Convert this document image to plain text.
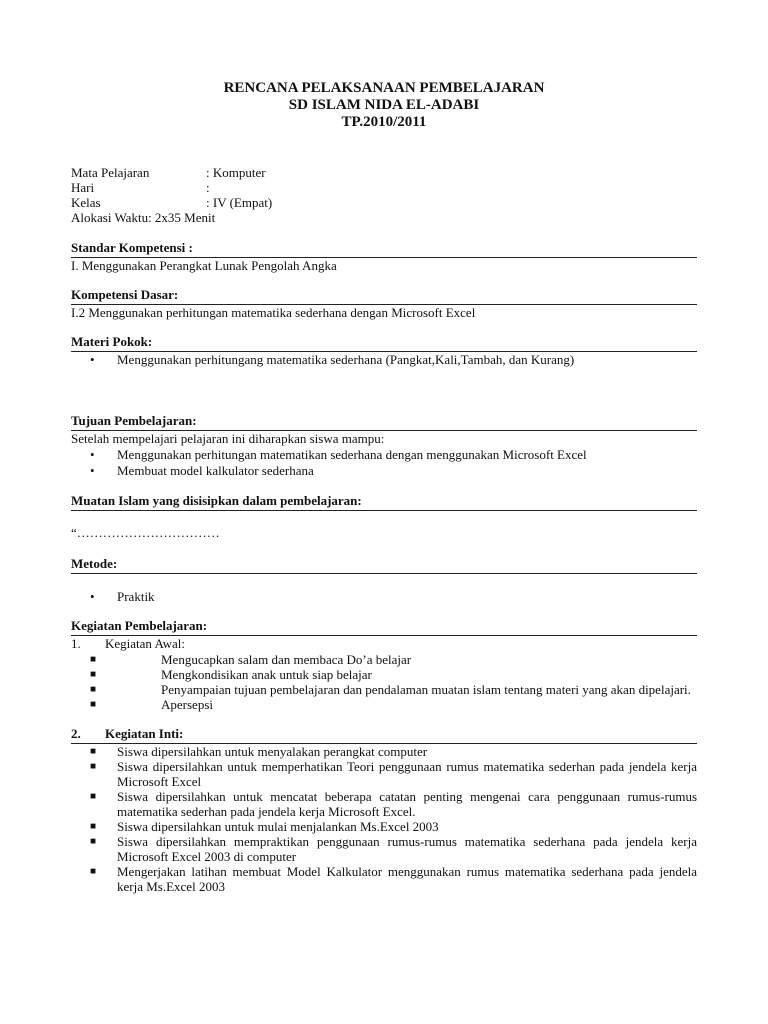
RENCANA PELAKSANAAN PEMBELAJARAN
SD ISLAM NIDA EL-ADABI
TP.2010/2011
Mata Pelajaran	: Komputer
Hari	:
Kelas	: IV (Empat)
Alokasi Waktu: 2x35 Menit
Standar Kompetensi :
I. Menggunakan Perangkat Lunak Pengolah Angka
Kompetensi Dasar:
I.2 Menggunakan perhitungan matematika sederhana dengan Microsoft Excel
Materi Pokok:
• Menggunakan perhitungang matematika sederhana (Pangkat,Kali,Tambah, dan Kurang)
Tujuan Pembelajaran:
Setelah mempelajari pelajaran ini diharapkan siswa mampu:
• Menggunakan perhitungan matematikan sederhana dengan menggunakan Microsoft Excel
• Membuat model kalkulator sederhana
Muatan Islam yang disisipkan dalam pembelajaran:
“……………………………
Metode:
• Praktik
Kegiatan Pembelajaran:
1. Kegiatan Awal:
■	Mengucapkan salam dan membaca Do’a belajar
■	Mengkondisikan anak untuk siap belajar
■	Penyampaian tujuan pembelajaran dan pendalaman muatan islam tentang materi yang akan dipelajari.
■	Apersepsi
2. Kegiatan Inti:
■ Siswa dipersilahkan untuk menyalakan perangkat computer
■ Siswa dipersilahkan untuk memperhatikan Teori penggunaan rumus matematika sederhan pada jendela kerja Microsoft Excel
■ Siswa dipersilahkan untuk mencatat beberapa catatan penting mengenai cara penggunaan rumus-rumus matematika sederhan pada jendela kerja Microsoft Excel.
■ Siswa dipersilahkan untuk mulai menjalankan Ms.Excel 2003
■ Siswa dipersilahkan mempraktikan penggunaan rumus-rumus matematika sederhana pada jendela kerja Microsoft Excel 2003 di computer
■ Mengerjakan latihan membuat Model Kalkulator menggunakan rumus matematika sederhana pada jendela kerja Ms.Excel 2003
